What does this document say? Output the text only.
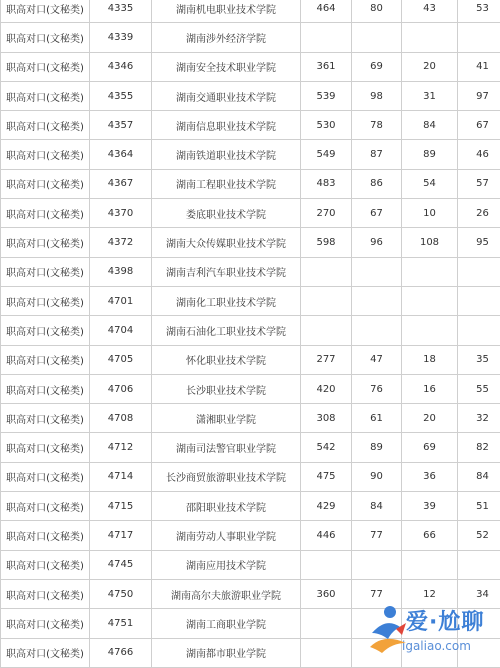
职高对口(文秘类)	4335	湖南机电职业技术学院	464	80	43	53
职高对口(文秘类)	4339	湖南涉外经济学院				
职高对口(文秘类)	4346	湖南安全技术职业学院	361	69	20	41
职高对口(文秘类)	4355	湖南交通职业技术学院	539	98	31	97
职高对口(文秘类)	4357	湖南信息职业技术学院	530	78	84	67
职高对口(文秘类)	4364	湖南铁道职业技术学院	549	87	89	46
职高对口(文秘类)	4367	湖南工程职业技术学院	483	86	54	57
职高对口(文秘类)	4370	娄底职业技术学院	270	67	10	26
职高对口(文秘类)	4372	湖南大众传媒职业技术学院	598	96	108	95
职高对口(文秘类)	4398	湖南吉利汽车职业技术学院				
职高对口(文秘类)	4701	湖南化工职业技术学院				
职高对口(文秘类)	4704	湖南石油化工职业技术学院				
职高对口(文秘类)	4705	怀化职业技术学院	277	47	18	35
职高对口(文秘类)	4706	长沙职业技术学院	420	76	16	55
职高对口(文秘类)	4708	潇湘职业学院	308	61	20	32
职高对口(文秘类)	4712	湖南司法警官职业学院	542	89	69	82
职高对口(文秘类)	4714	长沙商贸旅游职业技术学院	475	90	36	84
职高对口(文秘类)	4715	邵阳职业技术学院	429	84	39	51
职高对口(文秘类)	4717	湖南劳动人事职业学院	446	77	66	52
职高对口(文秘类)	4745	湖南应用技术学院				
职高对口(文秘类)	4750	湖南高尔夫旅游职业学院	360	77	12	34
职高对口(文秘类)	4751	湖南工商职业学院				
职高对口(文秘类)	4766	湖南都市职业学院				
爱·尬聊
igaliao.com
